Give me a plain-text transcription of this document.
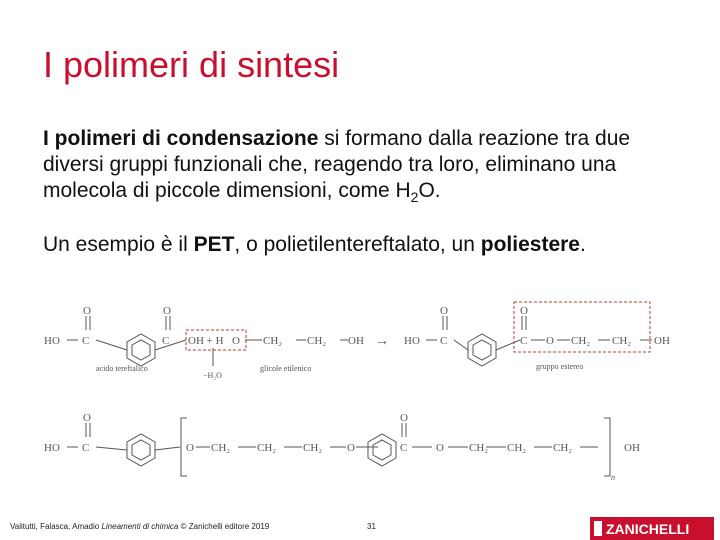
I polimeri di sintesi

I polimeri di condensazione si formano dalla reazione tra due diversi gruppi funzionali che, reagendo tra loro, eliminano una molecola di piccole dimensioni, come $H_2O$.

Un esempio è il PET, o polietilentereftalato, un poliestere.

HO C
O
C
O
OH + H O CH₂ CH₂ OH → HO C
O
C
O
O CH₂ CH₂ OH
acido tereftalico
−H₂O
glicole etilenico	gruppo estereo
HO C
O
O CH₂ CH₂ CH₂ O	C
O
O CH₂ CH₂ CH₂	OH
n
Valitutti, Falasca, Amadio Lineamenti di chimica © Zanichelli editore 2019	31	ZANICHELLI
